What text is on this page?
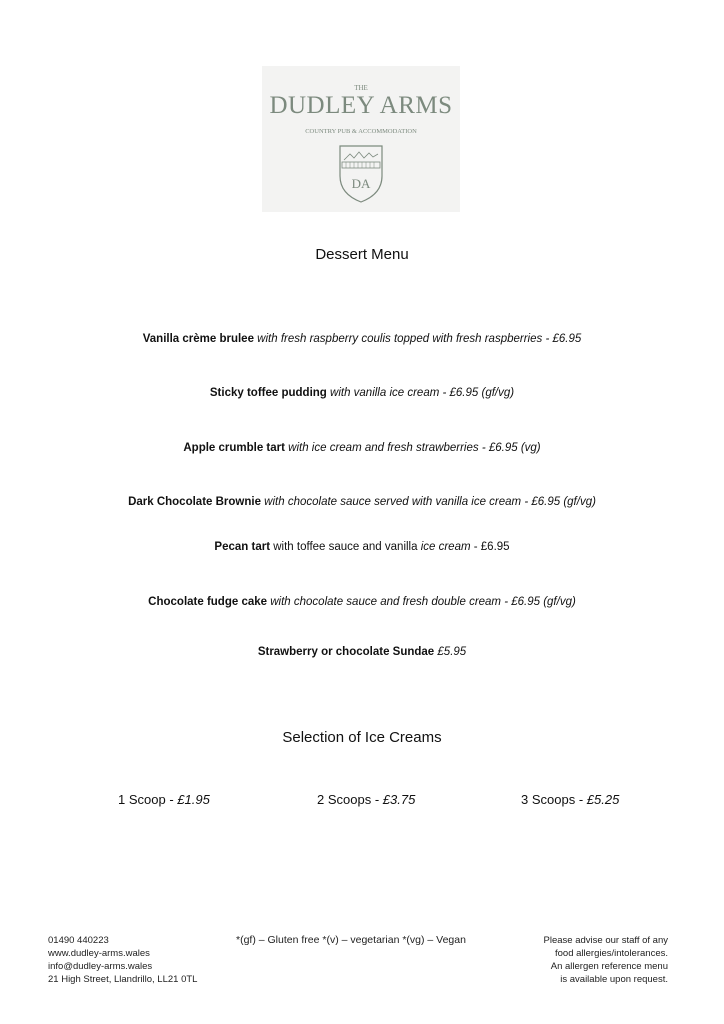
THE
DUDLEY ARMS
COUNTRY PUB & ACCOMMODATION
DA
Dessert Menu
Vanilla crème brulee with fresh raspberry coulis topped with fresh raspberries - £6.95
Sticky toffee pudding with vanilla ice cream - £6.95 (gf/vg)
Apple crumble tart with ice cream and fresh strawberries - £6.95 (vg)
Dark Chocolate Brownie with chocolate sauce served with vanilla ice cream - £6.95 (gf/vg)
Pecan tart with toffee sauce and vanilla ice cream - £6.95
Chocolate fudge cake with chocolate sauce and fresh double cream - £6.95 (gf/vg)
Strawberry or chocolate Sundae £5.95
Selection of Ice Creams
1 Scoop - £1.95	2 Scoops - £3.75	3 Scoops - £5.25
01490 440223
www.dudley-arms.wales
info@dudley-arms.wales
21 High Street, Llandrillo, LL21 0TL
*(gf) – Gluten free *(v) – vegetarian *(vg) – Vegan	Please advise our staff of any
food allergies/intolerances.
An allergen reference menu
is available upon request.
